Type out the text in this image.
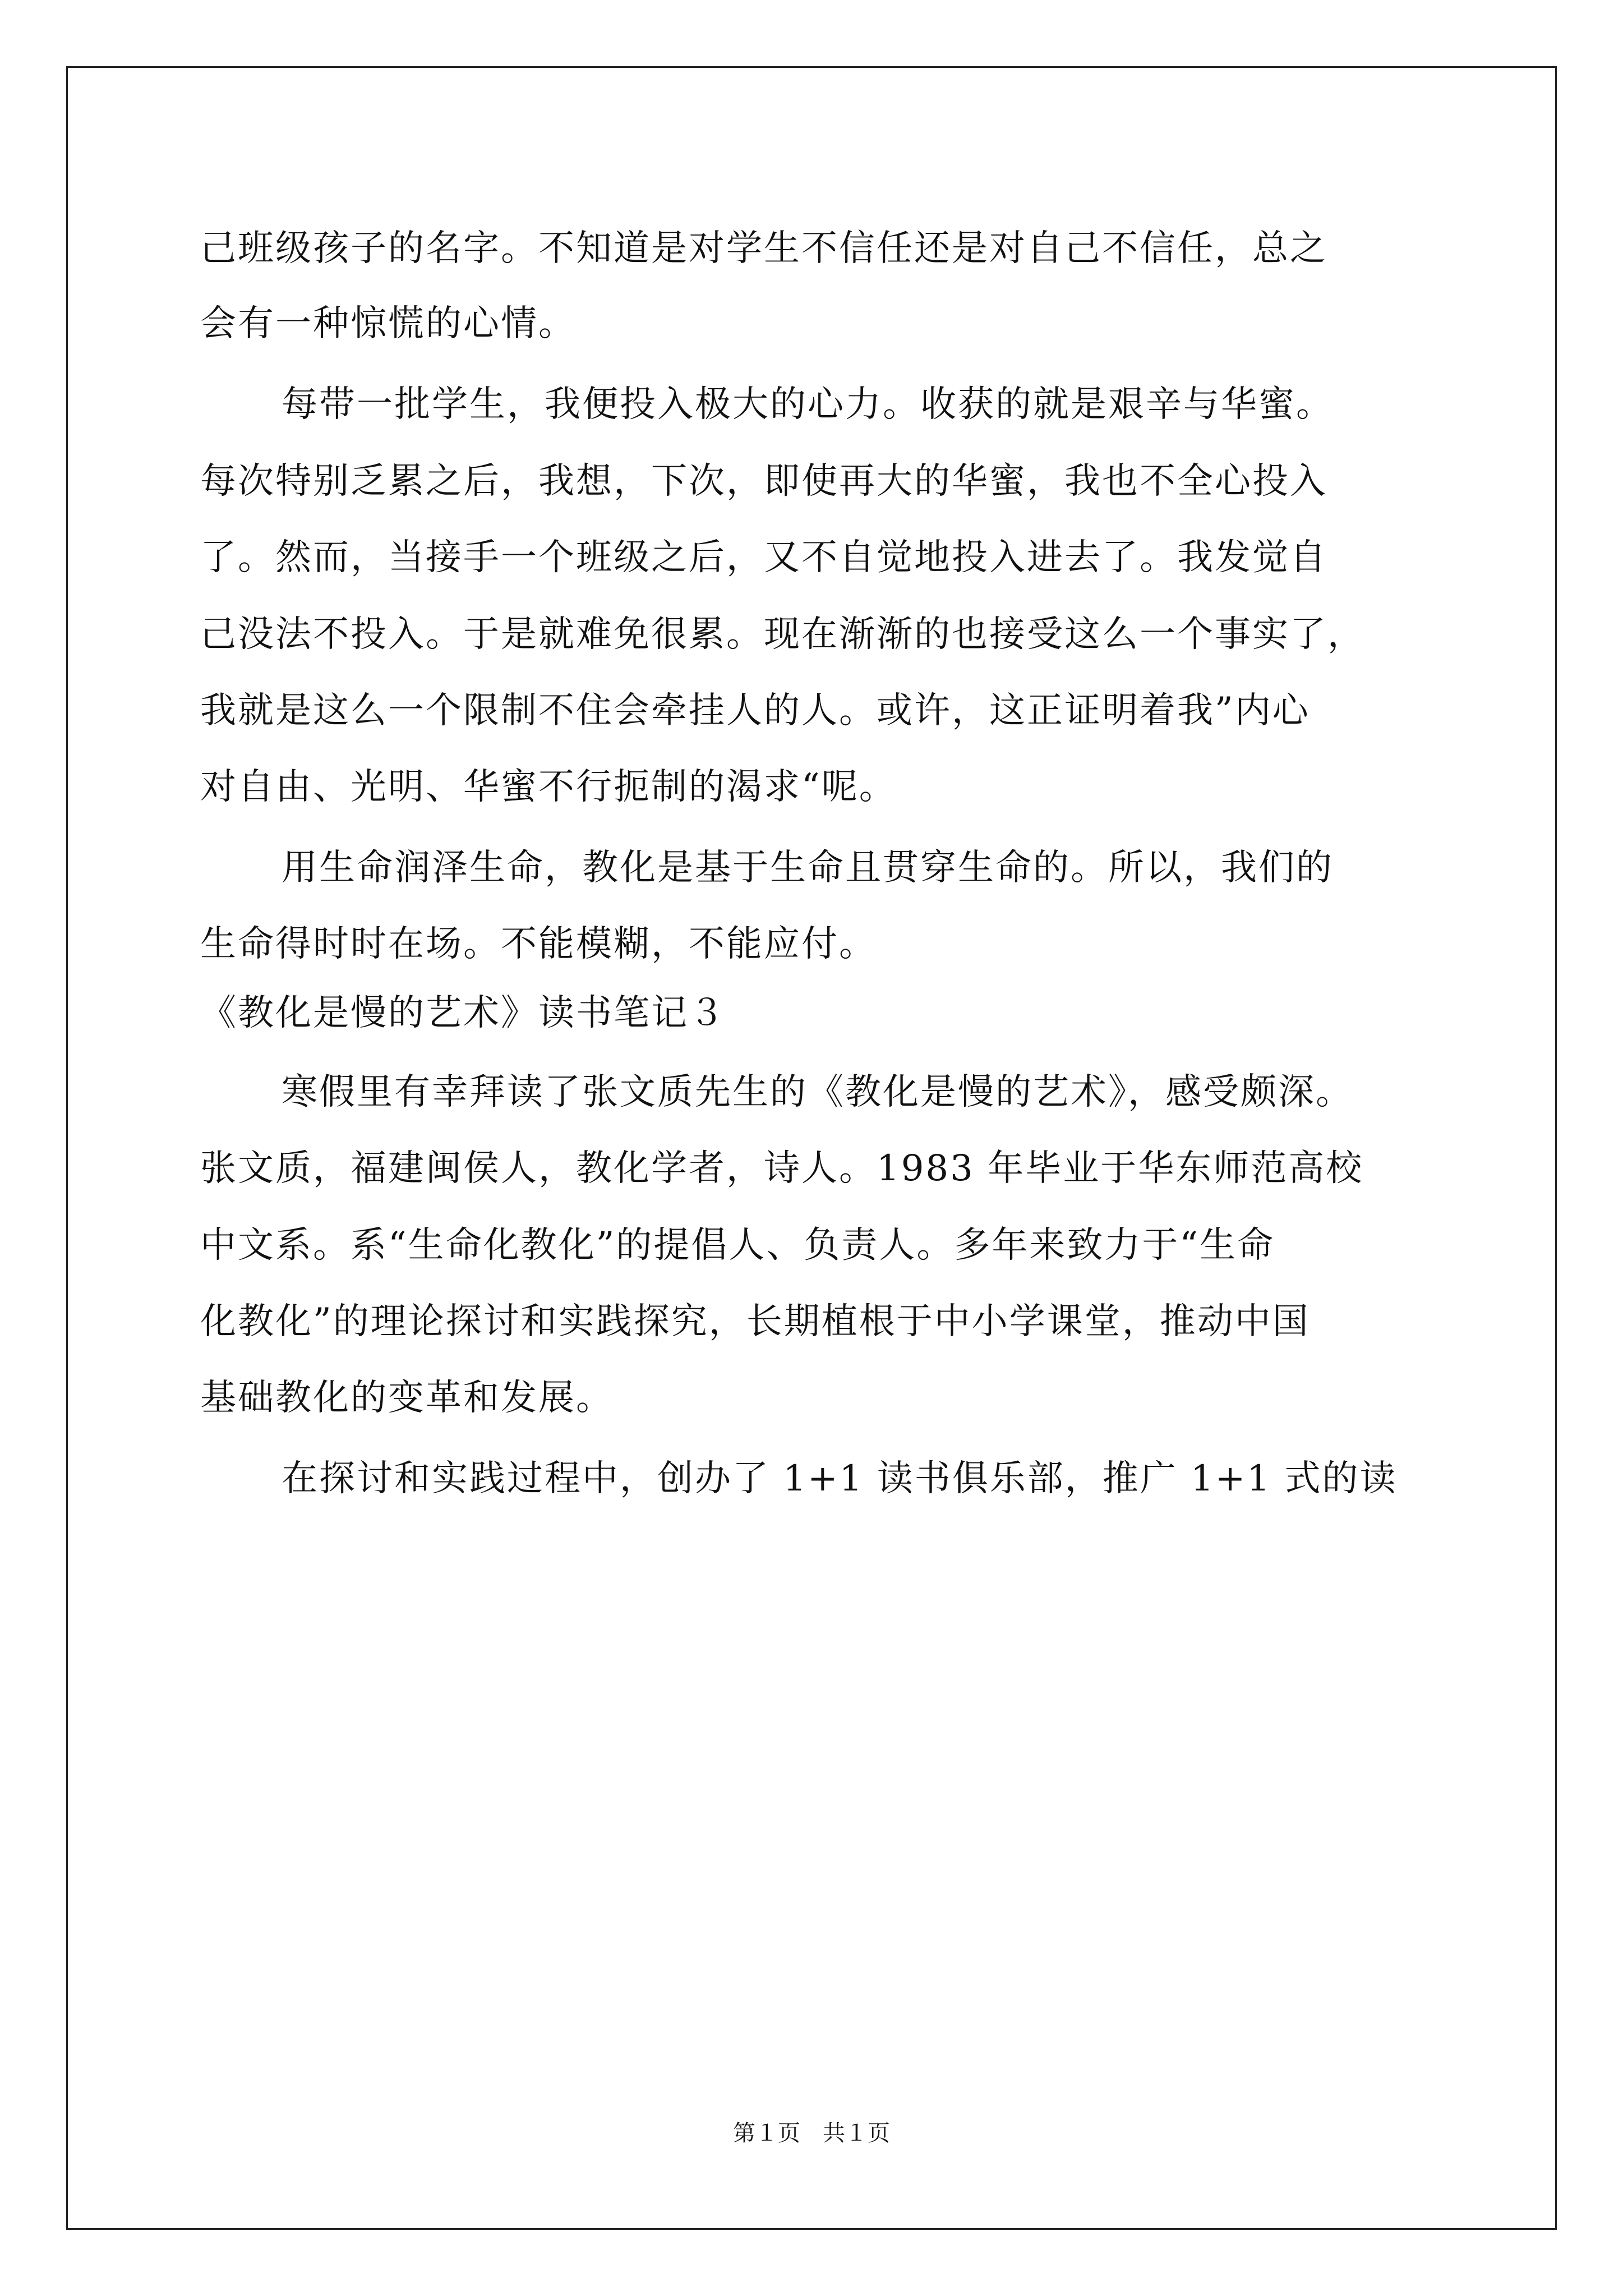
己班级孩子的名字。不知道是对学生不信任还是对自己不信任，总之
会有一种惊慌的心情。
每带一批学生，我便投入极大的心力。收获的就是艰辛与华蜜。
每次特别乏累之后，我想，下次，即使再大的华蜜，我也不全心投入
了。然而，当接手一个班级之后，又不自觉地投入进去了。我发觉自
己没法不投入。于是就难免很累。现在渐渐的也接受这么一个事实了，
我就是这么一个限制不住会牵挂人的人。或许，这正证明着我”内心
对自由、光明、华蜜不行扼制的渴求“呢。
用生命润泽生命，教化是基于生命且贯穿生命的。所以，我们的
生命得时时在场。不能模糊，不能应付。
《教化是慢的艺术》读书笔记３
寒假里有幸拜读了张文质先生的《教化是慢的艺术》，感受颇深。
张文质，福建闽侯人，教化学者，诗人。1983 年毕业于华东师范高校
中文系。系“生命化教化”的提倡人、负责人。多年来致力于“生命
化教化”的理论探讨和实践探究，长期植根于中小学课堂，推动中国
基础教化的变革和发展。
在探讨和实践过程中，创办了 1+1 读书俱乐部，推广 1+1 式的读
第１页　共１页
